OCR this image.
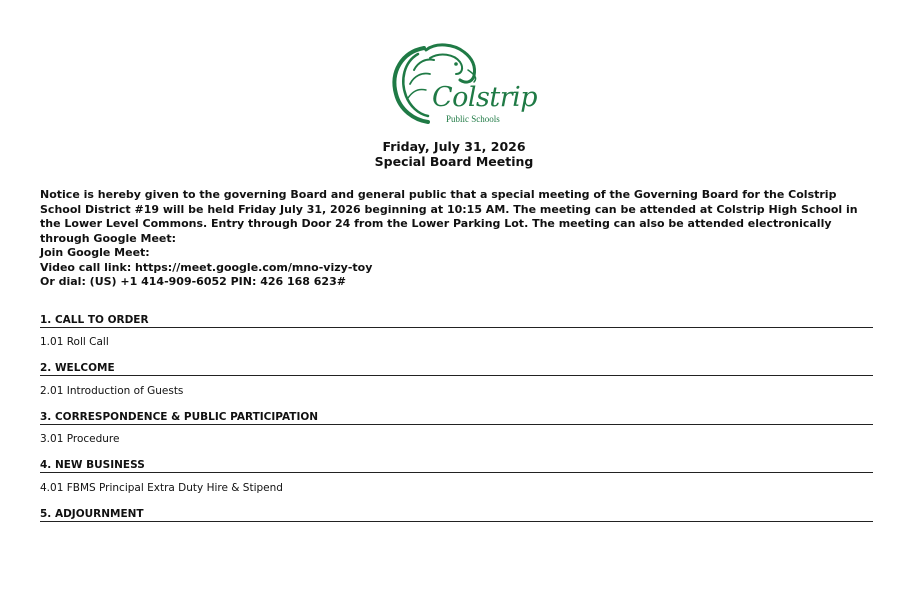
Colstrip
Public Schools
Friday, July 31, 2026
Special Board Meeting

Notice is hereby given to the governing Board and general public that a special meeting of the Governing Board for the Colstrip School District #19 will be held Friday July 31, 2026 beginning at 10:15 AM. The meeting can be attended at Colstrip High School in the Lower Level Commons. Entry through Door 24 from the Lower Parking Lot. The meeting can also be attended electronically through Google Meet:

Join Google Meet:

Video call link: https://meet.google.com/mno-vizy-toy

Or dial: (US) +1 414-909-6052 PIN: 426 168 623#

1. CALL TO ORDER
1.01 Roll Call
2. WELCOME
2.01 Introduction of Guests
3. CORRESPONDENCE & PUBLIC PARTICIPATION
3.01 Procedure
4. NEW BUSINESS
4.01 FBMS Principal Extra Duty Hire & Stipend
5. ADJOURNMENT
